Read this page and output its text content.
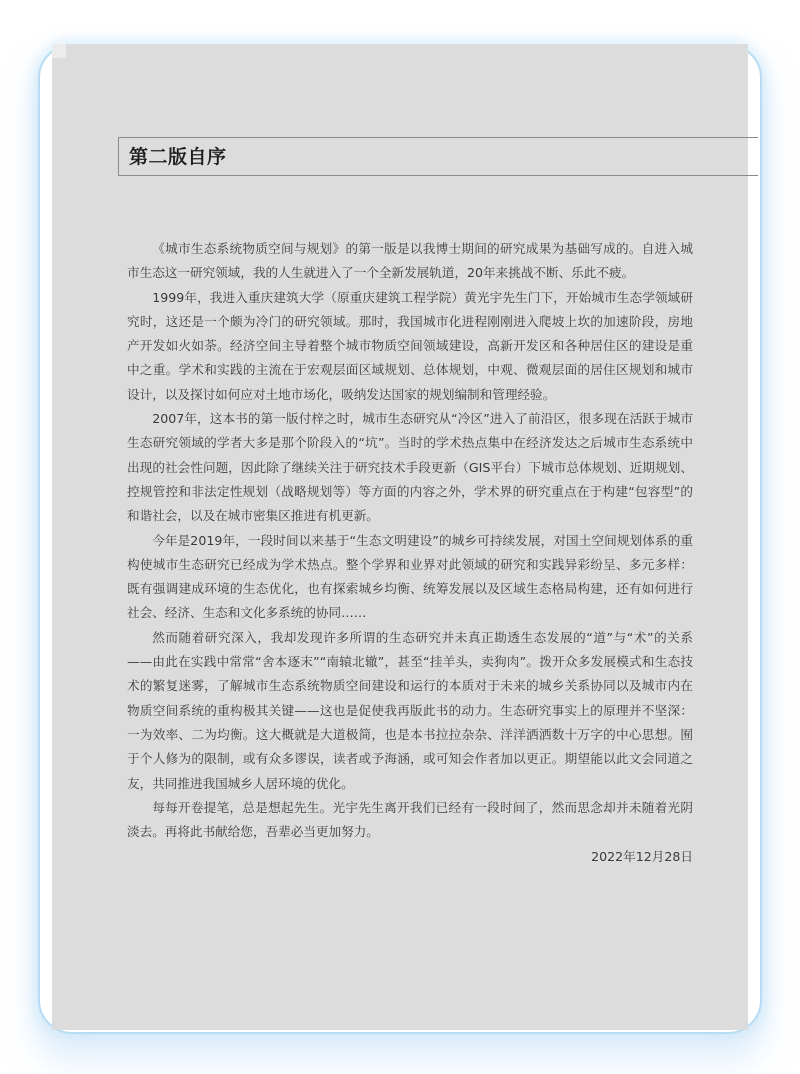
第二版自序

《城市生态系统物质空间与规划》的第一版是以我博士期间的研究成果为基础写成的。自进入城市生态这一研究领域，我的人生就进入了一个全新发展轨道，20年来挑战不断、乐此不疲。

1999年，我进入重庆建筑大学（原重庆建筑工程学院）黄光宇先生门下，开始城市生态学领域研究时，这还是一个颇为冷门的研究领域。那时，我国城市化进程刚刚进入爬坡上坎的加速阶段，房地产开发如火如荼。经济空间主导着整个城市物质空间领域建设，高新开发区和各种居住区的建设是重中之重。学术和实践的主流在于宏观层面区域规划、总体规划，中观、微观层面的居住区规划和城市设计，以及探讨如何应对土地市场化，吸纳发达国家的规划编制和管理经验。

2007年，这本书的第一版付梓之时，城市生态研究从“冷区”进入了前沿区，很多现在活跃于城市生态研究领域的学者大多是那个阶段入的“坑”。当时的学术热点集中在经济发达之后城市生态系统中出现的社会性问题，因此除了继续关注于研究技术手段更新（GIS平台）下城市总体规划、近期规划、控规管控和非法定性规划（战略规划等）等方面的内容之外，学术界的研究重点在于构建“包容型”的和谐社会，以及在城市密集区推进有机更新。

今年是2019年，一段时间以来基于“生态文明建设”的城乡可持续发展，对国土空间规划体系的重构使城市生态研究已经成为学术热点。整个学界和业界对此领域的研究和实践异彩纷呈、多元多样：既有强调建成环境的生态优化，也有探索城乡均衡、统筹发展以及区域生态格局构建，还有如何进行社会、经济、生态和文化多系统的协同……

然而随着研究深入，我却发现许多所谓的生态研究并未真正勘透生态发展的“道”与“术”的关系——由此在实践中常常“舍本逐末”“南辕北辙”，甚至“挂羊头，卖狗肉”。拨开众多发展模式和生态技术的繁复迷雾，了解城市生态系统物质空间建设和运行的本质对于未来的城乡关系协同以及城市内在物质空间系统的重构极其关键——这也是促使我再版此书的动力。生态研究事实上的原理并不坚深：一为效率、二为均衡。这大概就是大道极简，也是本书拉拉杂杂、洋洋洒洒数十万字的中心思想。囿于个人修为的限制，或有众多谬误，读者或予海涵，或可知会作者加以更正。期望能以此文会同道之友，共同推进我国城乡人居环境的优化。

每每开卷提笔，总是想起先生。光宇先生离开我们已经有一段时间了，然而思念却并未随着光阴淡去。再将此书献给您，吾辈必当更加努力。

2022年12月28日
